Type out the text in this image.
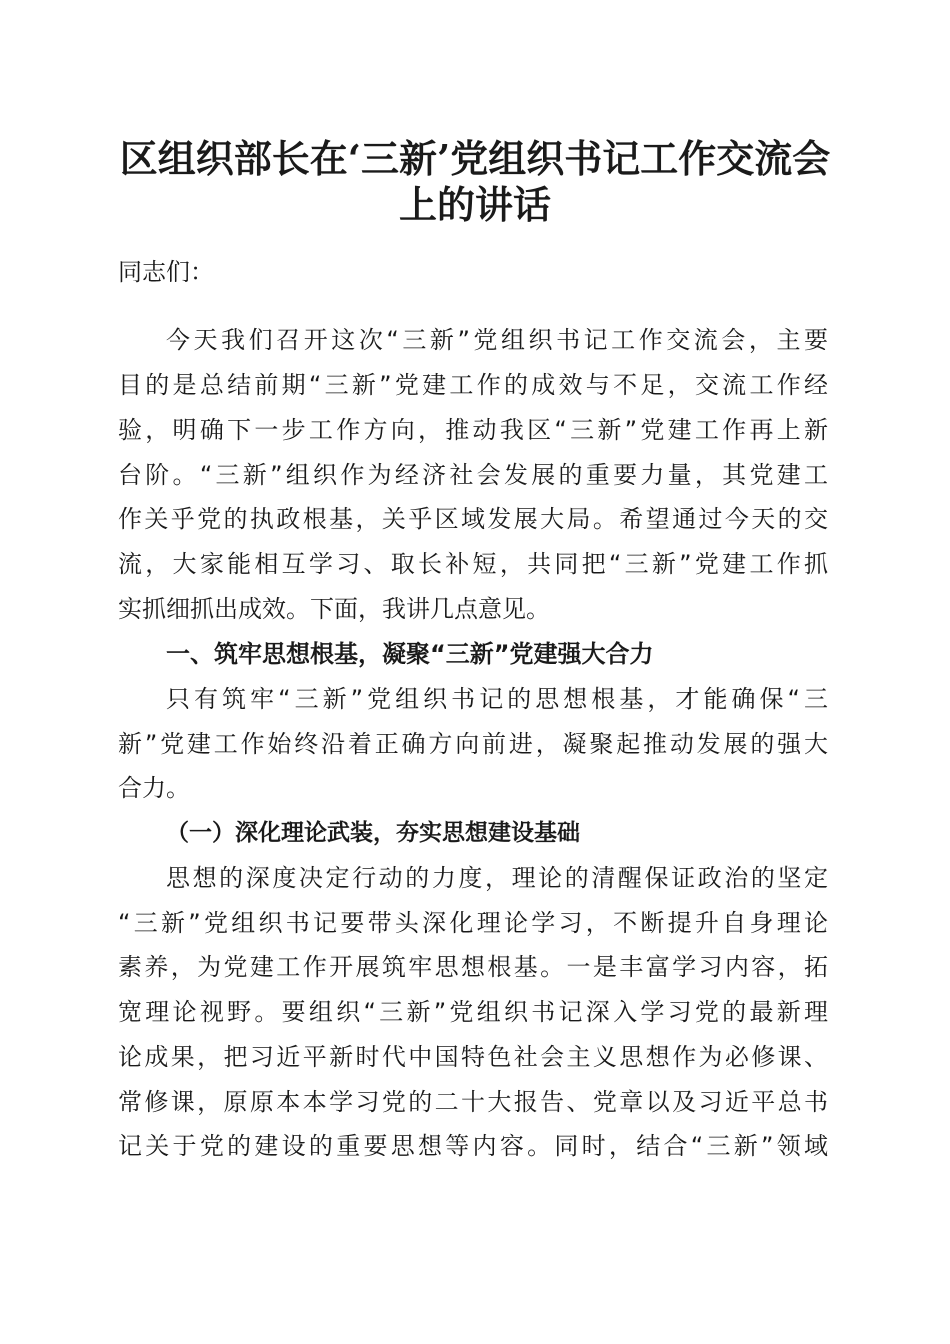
区组织部长在‘三新’党组织书记工作交流会
上的讲话
同志们：
今天我们召开这次“三新”党组织书记工作交流会，主要
目的是总结前期“三新”党建工作的成效与不足，交流工作经
验，明确下一步工作方向，推动我区“三新”党建工作再上新
台阶。“三新”组织作为经济社会发展的重要力量，其党建工
作关乎党的执政根基，关乎区域发展大局。希望通过今天的交
流，大家能相互学习、取长补短，共同把“三新”党建工作抓
实抓细抓出成效。下面，我讲几点意见。
一、筑牢思想根基，凝聚“三新”党建强大合力
只有筑牢“三新”党组织书记的思想根基，才能确保“三
新”党建工作始终沿着正确方向前进，凝聚起推动发展的强大
合力。
（一）深化理论武装，夯实思想建设基础
思想的深度决定行动的力度，理论的清醒保证政治的坚定
“三新”党组织书记要带头深化理论学习，不断提升自身理论
素养，为党建工作开展筑牢思想根基。一是丰富学习内容，拓
宽理论视野。要组织“三新”党组织书记深入学习党的最新理
论成果，把习近平新时代中国特色社会主义思想作为必修课、
常修课，原原本本学习党的二十大报告、党章以及习近平总书
记关于党的建设的重要思想等内容。同时，结合“三新”领域
